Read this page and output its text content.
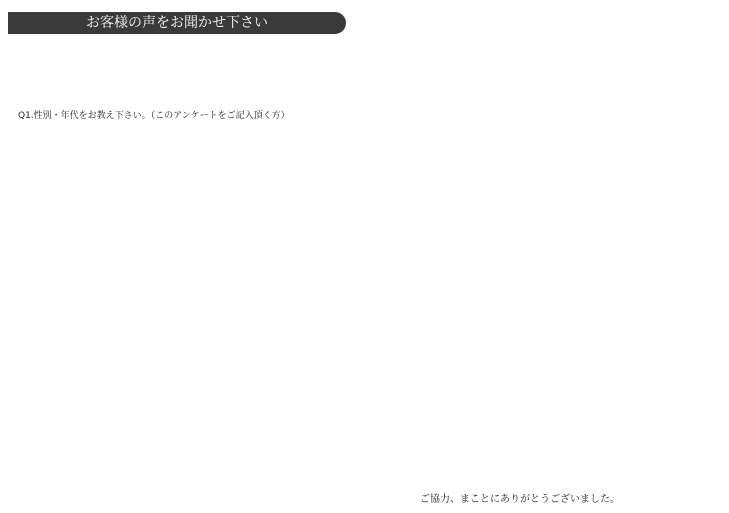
お客様の声をお聞かせ下さい
Q1.性別・年代をお教え下さい。（このアンケートをご記入頂く方）
ご協力、まことにありがとうございました。
